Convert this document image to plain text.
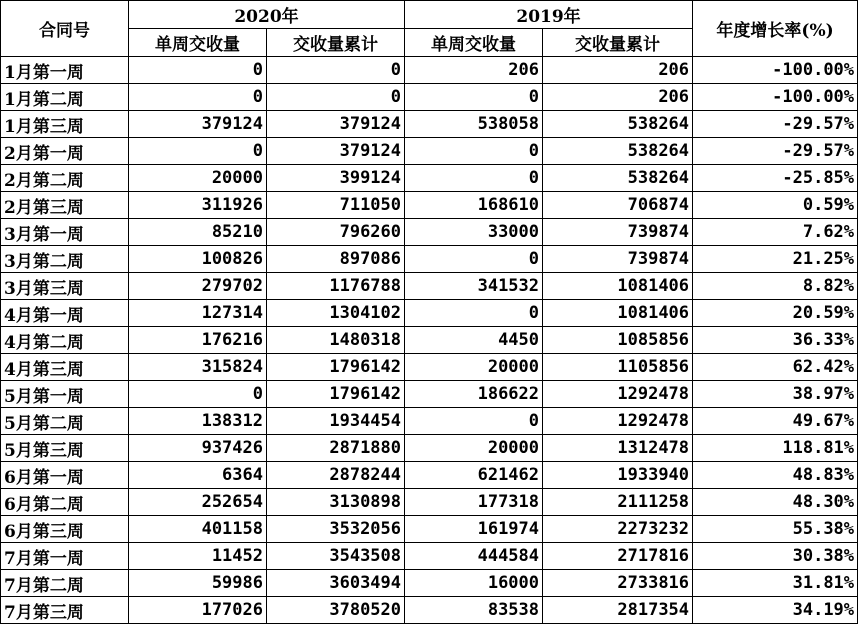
合同号	2020年		2019年		年度增长率(%)
	单周交收量	交收量累计	单周交收量	交收量累计	
1月第一周	0	0	206	206	-100.00%
1月第二周	0	0	0	206	-100.00%
1月第三周	379124	379124	538058	538264	-29.57%
2月第一周	0	379124	0	538264	-29.57%
2月第二周	20000	399124	0	538264	-25.85%
2月第三周	311926	711050	168610	706874	0.59%
3月第一周	85210	796260	33000	739874	7.62%
3月第二周	100826	897086	0	739874	21.25%
3月第三周	279702	1176788	341532	1081406	8.82%
4月第一周	127314	1304102	0	1081406	20.59%
4月第二周	176216	1480318	4450	1085856	36.33%
4月第三周	315824	1796142	20000	1105856	62.42%
5月第一周	0	1796142	186622	1292478	38.97%
5月第二周	138312	1934454	0	1292478	49.67%
5月第三周	937426	2871880	20000	1312478	118.81%
6月第一周	6364	2878244	621462	1933940	48.83%
6月第二周	252654	3130898	177318	2111258	48.30%
6月第三周	401158	3532056	161974	2273232	55.38%
7月第一周	11452	3543508	444584	2717816	30.38%
7月第二周	59986	3603494	16000	2733816	31.81%
7月第三周	177026	3780520	83538	2817354	34.19%
